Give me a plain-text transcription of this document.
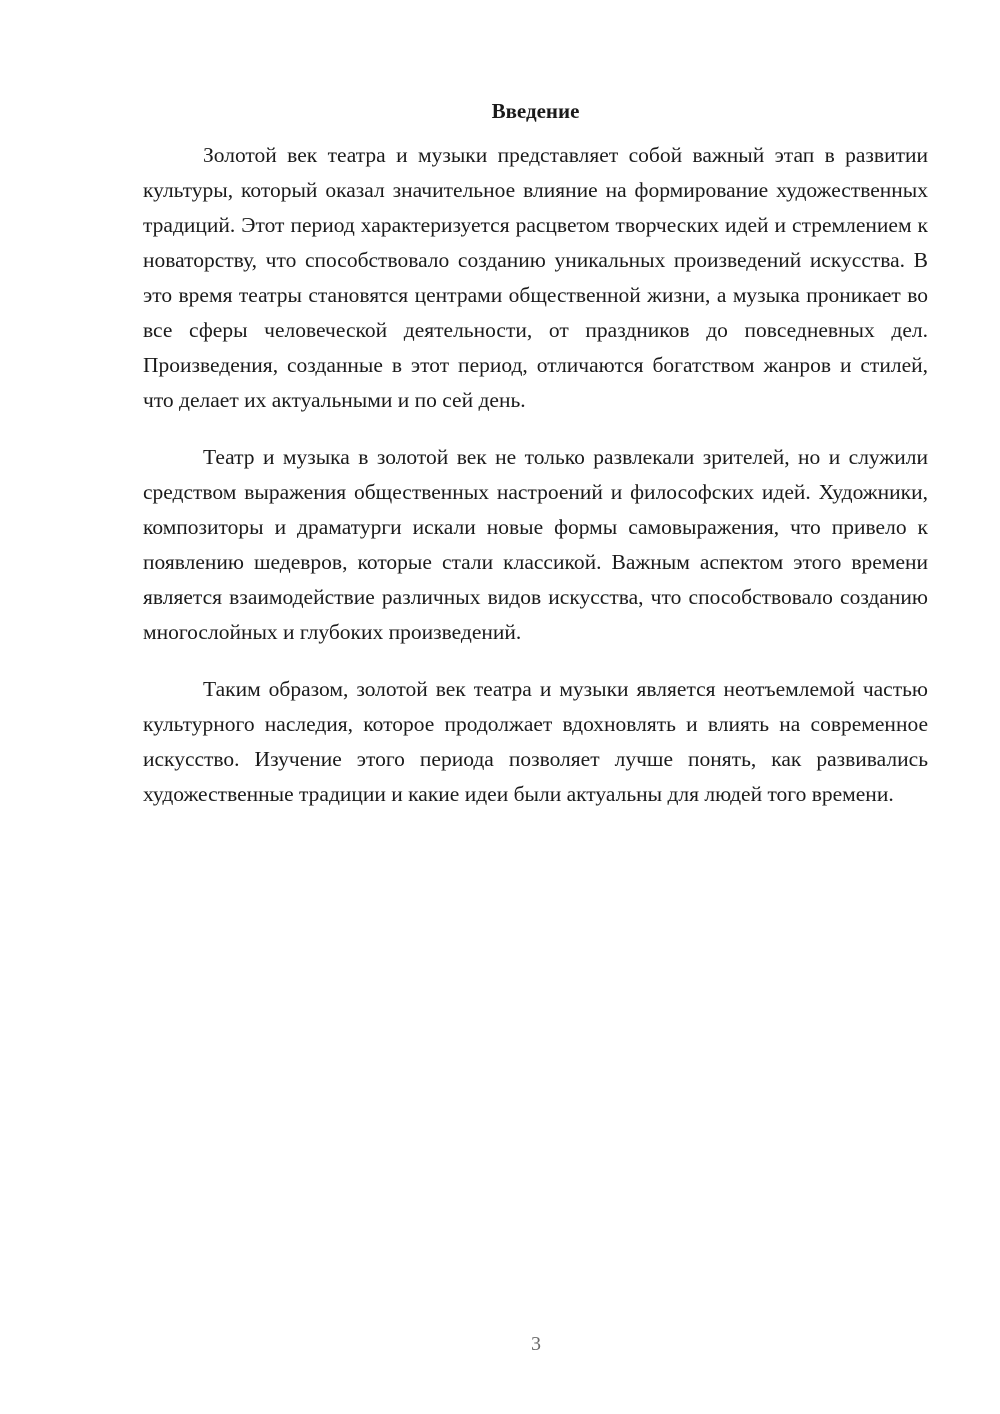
Введение

Золотой век театра и музыки представляет собой важный этап в развитии культуры, который оказал значительное влияние на формирование художественных традиций. Этот период характеризуется расцветом творческих идей и стремлением к новаторству, что способствовало созданию уникальных произведений искусства. В это время театры становятся центрами общественной жизни, а музыка проникает во все сферы человеческой деятельности, от праздников до повседневных дел. Произведения, созданные в этот период, отличаются богатством жанров и стилей, что делает их актуальными и по сей день.

Театр и музыка в золотой век не только развлекали зрителей, но и служили средством выражения общественных настроений и философских идей. Художники, композиторы и драматурги искали новые формы самовыражения, что привело к появлению шедевров, которые стали классикой. Важным аспектом этого времени является взаимодействие различных видов искусства, что способствовало созданию многослойных и глубоких произведений.

Таким образом, золотой век театра и музыки является неотъемлемой частью культурного наследия, которое продолжает вдохновлять и влиять на современное искусство. Изучение этого периода позволяет лучше понять, как развивались художественные традиции и какие идеи были актуальны для людей того времени.

3
